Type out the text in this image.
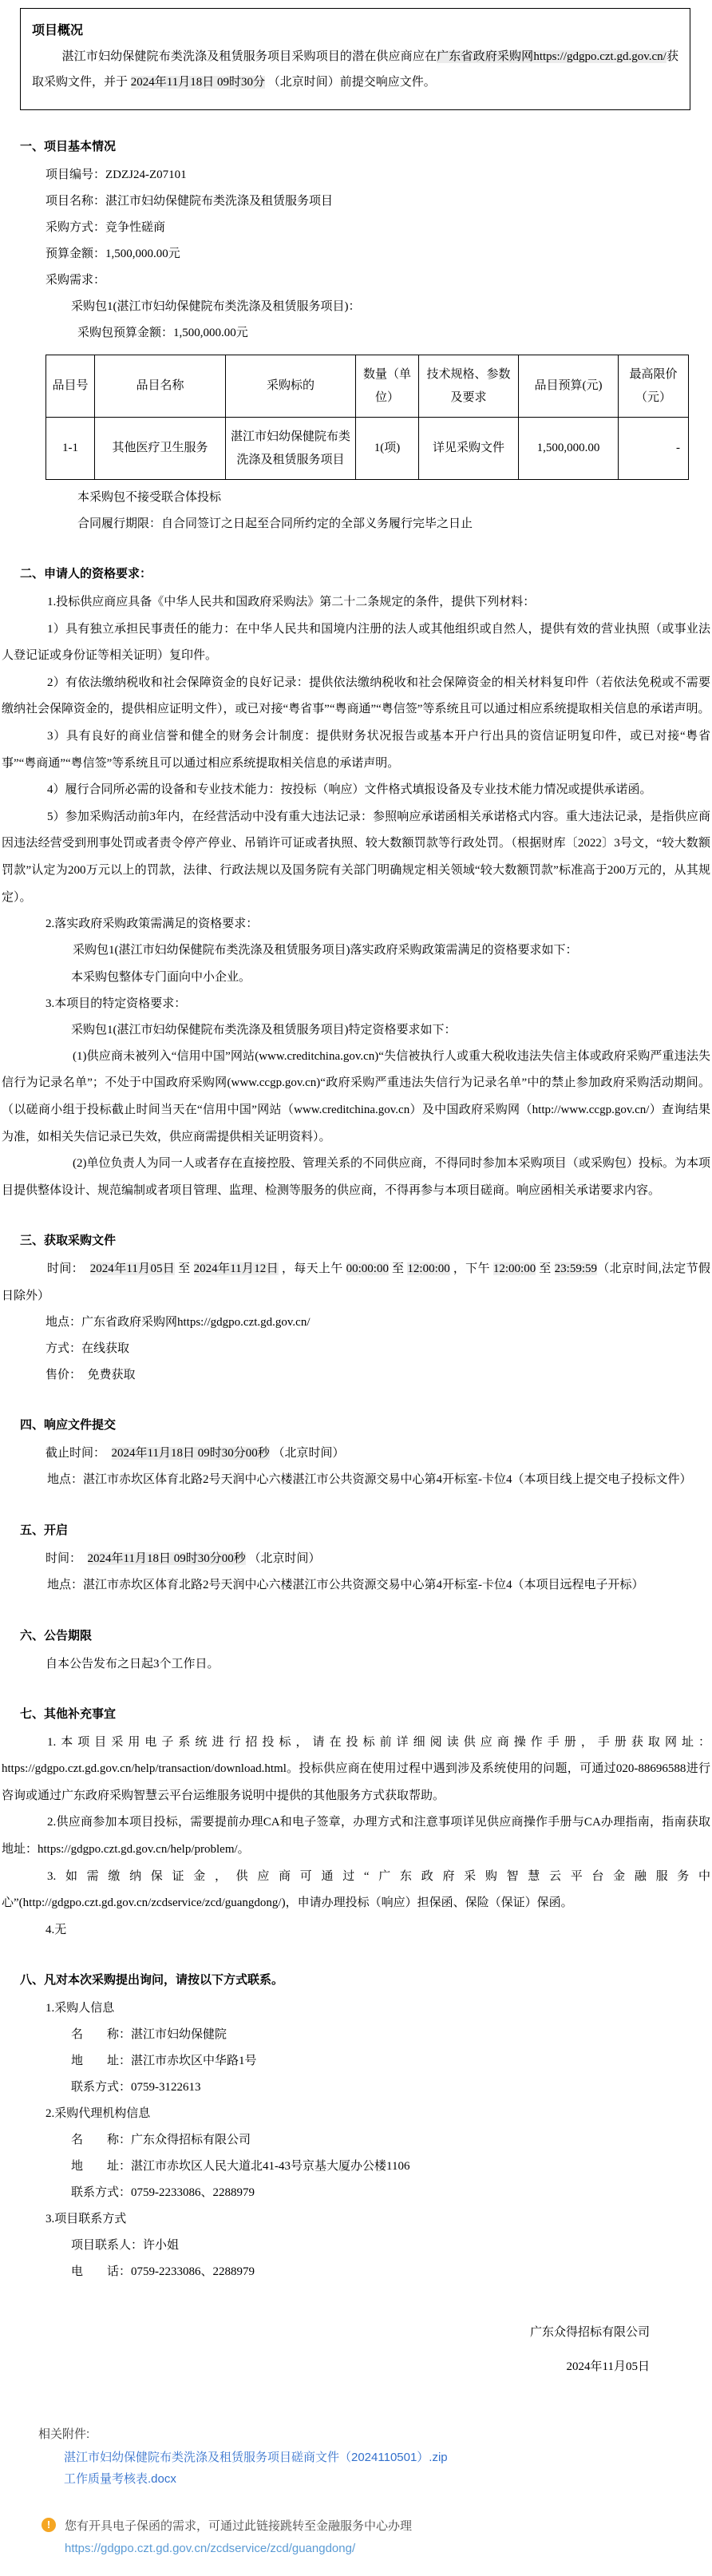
项目概况

湛江市妇幼保健院布类洗涤及租赁服务项目采购项目的潜在供应商应在广东省政府采购网https://gdgpo.czt.gd.gov.cn/获取采购文件，并于 2024年11月18日 09时30分 （北京时间）前提交响应文件。

一、项目基本情况

项目编号：ZDZJ24-Z07101

项目名称：湛江市妇幼保健院布类洗涤及租赁服务项目

采购方式：竞争性磋商

预算金额：1,500,000.00元

采购需求：

采购包1(湛江市妇幼保健院布类洗涤及租赁服务项目)：

采购包预算金额：1,500,000.00元

品目号	品目名称	采购标的	数量（单位）	技术规格、参数及要求	品目预算(元)	最高限价（元）
1-1	其他医疗卫生服务	湛江市妇幼保健院布类洗涤及租赁服务项目	1(项)	详见采购文件	1,500,000.00	-

本采购包不接受联合体投标

合同履行期限：自合同签订之日起至合同所约定的全部义务履行完毕之日止

二、申请人的资格要求：

1.投标供应商应具备《中华人民共和国政府采购法》第二十二条规定的条件，提供下列材料：

1）具有独立承担民事责任的能力：在中华人民共和国境内注册的法人或其他组织或自然人，提供有效的营业执照（或事业法人登记证或身份证等相关证明）复印件。

2）有依法缴纳税收和社会保障资金的良好记录：提供依法缴纳税收和社会保障资金的相关材料复印件（若依法免税或不需要缴纳社会保障资金的，提供相应证明文件），或已对接“粤省事”“粤商通”“粤信签”等系统且可以通过相应系统提取相关信息的承诺声明。

3）具有良好的商业信誉和健全的财务会计制度：提供财务状况报告或基本开户行出具的资信证明复印件，或已对接“粤省事”“粤商通”“粤信签”等系统且可以通过相应系统提取相关信息的承诺声明。

4）履行合同所必需的设备和专业技术能力：按投标（响应）文件格式填报设备及专业技术能力情况或提供承诺函。

5）参加采购活动前3年内，在经营活动中没有重大违法记录：参照响应承诺函相关承诺格式内容。重大违法记录，是指供应商因违法经营受到刑事处罚或者责令停产停业、吊销许可证或者执照、较大数额罚款等行政处罚。（根据财库〔2022〕3号文，“较大数额罚款”认定为200万元以上的罚款，法律、行政法规以及国务院有关部门明确规定相关领域“较大数额罚款”标准高于200万元的，从其规定）。

2.落实政府采购政策需满足的资格要求：

采购包1(湛江市妇幼保健院布类洗涤及租赁服务项目)落实政府采购政策需满足的资格要求如下：

本采购包整体专门面向中小企业。

3.本项目的特定资格要求：

采购包1(湛江市妇幼保健院布类洗涤及租赁服务项目)特定资格要求如下：

(1)供应商未被列入“信用中国”网站(www.creditchina.gov.cn)“失信被执行人或重大税收违法失信主体或政府采购严重违法失信行为记录名单”；不处于中国政府采购网(www.ccgp.gov.cn)“政府采购严重违法失信行为记录名单”中的禁止参加政府采购活动期间。（以磋商小组于投标截止时间当天在“信用中国”网站（www.creditchina.gov.cn）及中国政府采购网（http://www.ccgp.gov.cn/）查询结果为准，如相关失信记录已失效，供应商需提供相关证明资料）。

(2)单位负责人为同一人或者存在直接控股、管理关系的不同供应商，不得同时参加本采购项目（或采购包）投标。为本项目提供整体设计、规范编制或者项目管理、监理、检测等服务的供应商，不得再参与本项目磋商。响应函相关承诺要求内容。

三、获取采购文件

时间：　2024年11月05日 至 2024年11月12日 ，每天上午 00:00:00 至 12:00:00 ，下午 12:00:00 至 23:59:59（北京时间,法定节假日除外）

地点：广东省政府采购网https://gdgpo.czt.gd.gov.cn/

方式：在线获取

售价：　免费获取

四、响应文件提交

截止时间：　2024年11月18日 09时30分00秒 （北京时间）

地点：湛江市赤坎区体育北路2号天润中心六楼湛江市公共资源交易中心第4开标室-卡位4（本项目线上提交电子投标文件）

五、开启

时间：　2024年11月18日 09时30分00秒 （北京时间）

地点：湛江市赤坎区体育北路2号天润中心六楼湛江市公共资源交易中心第4开标室-卡位4（本项目远程电子开标）

六、公告期限

自本公告发布之日起3个工作日。

七、其他补充事宜

1.本项目采用电子系统进行招投标，请在投标前详细阅读供应商操作手册，手册获取网址：https://gdgpo.czt.gd.gov.cn/help/transaction/download.html。投标供应商在使用过程中遇到涉及系统使用的问题，可通过020-88696588进行咨询或通过广东政府采购智慧云平台运维服务说明中提供的其他服务方式获取帮助。

2.供应商参加本项目投标，需要提前办理CA和电子签章，办理方式和注意事项详见供应商操作手册与CA办理指南，指南获取地址：https://gdgpo.czt.gd.gov.cn/help/problem/。

3.如需缴纳保证金，供应商可通过“广东政府采购智慧云平台金融服务中心”(http://gdgpo.czt.gd.gov.cn/zcdservice/zcd/guangdong/)，申请办理投标（响应）担保函、保险（保证）保函。

4.无

八、凡对本次采购提出询问，请按以下方式联系。

1.采购人信息

名　　称：湛江市妇幼保健院

地　　址：湛江市赤坎区中华路1号

联系方式：0759-3122613

2.采购代理机构信息

名　　称：广东众得招标有限公司

地　　址：湛江市赤坎区人民大道北41-43号京基大厦办公楼1106

联系方式：0759-2233086、2288979

3.项目联系方式

项目联系人：许小姐

电　　话：0759-2233086、2288979

广东众得招标有限公司

2024年11月05日

相关附件:
湛江市妇幼保健院布类洗涤及租赁服务项目磋商文件（2024110501）.zip
工作质量考核表.docx
!	您有开具电子保函的需求，可通过此链接跳转至金融服务中心办理
https://gdgpo.czt.gd.gov.cn/zcdservice/zcd/guangdong/
